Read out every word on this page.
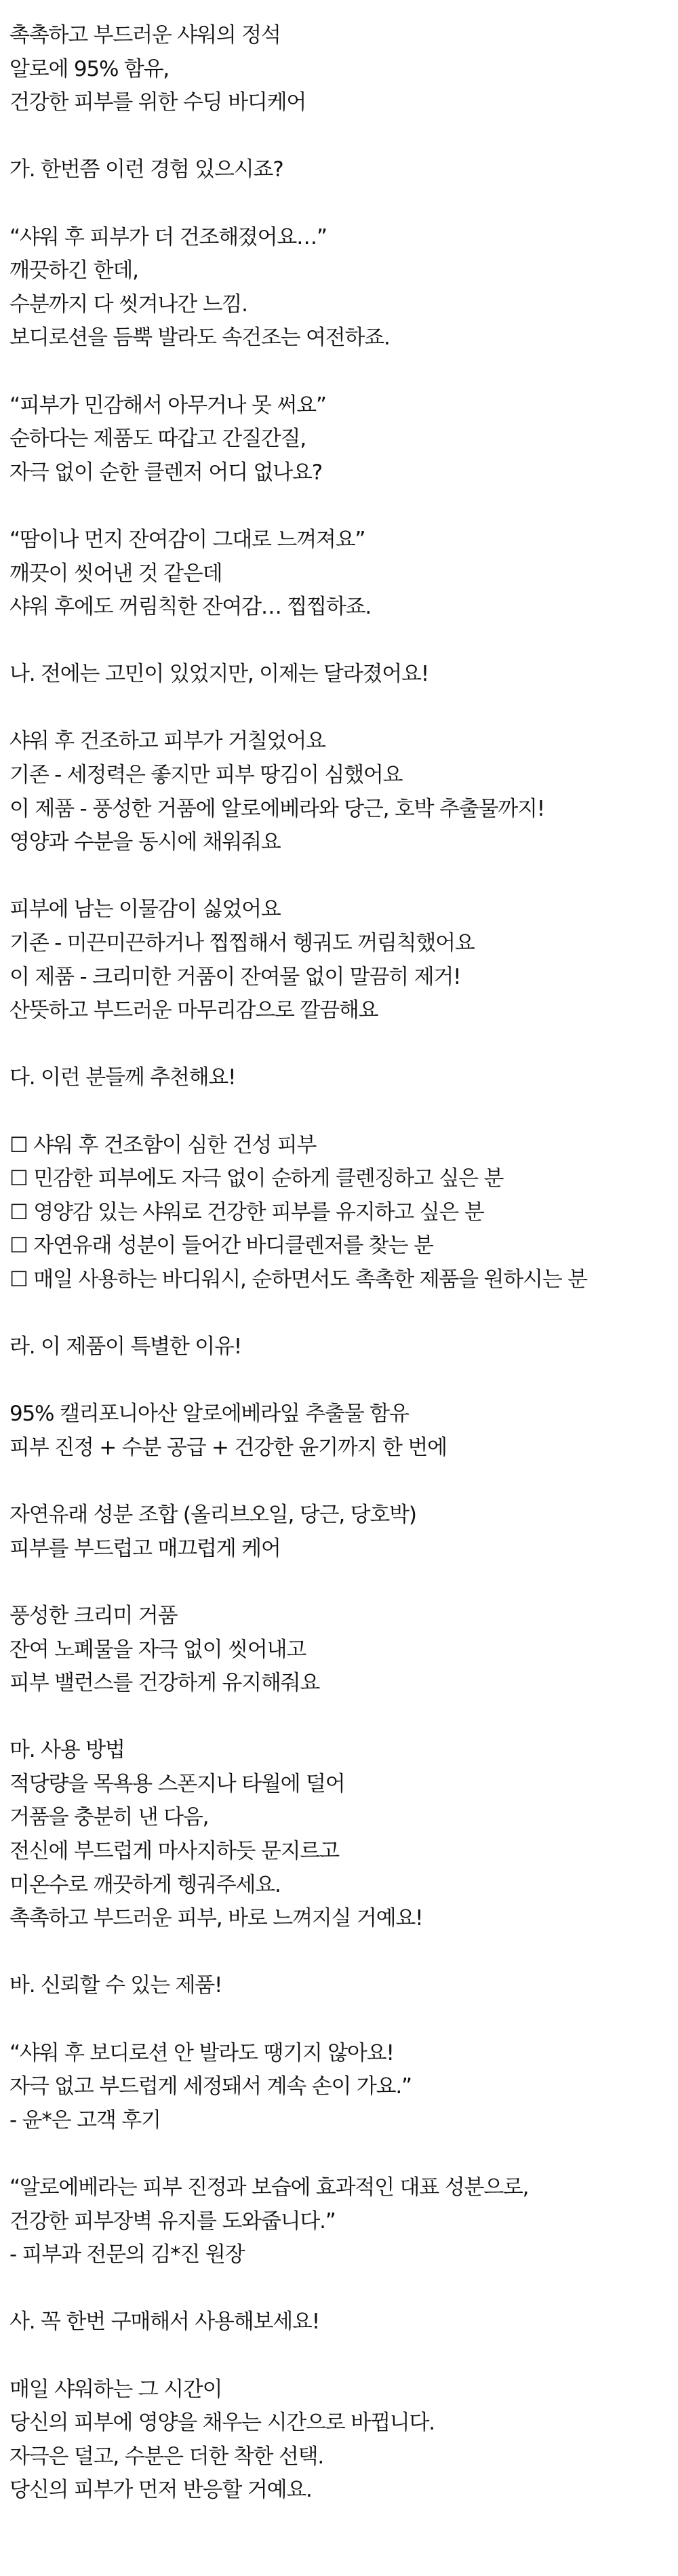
촉촉하고 부드러운 샤워의 정석
알로에 95% 함유,
건강한 피부를 위한 수딩 바디케어
가. 한번쯤 이런 경험 있으시죠?
“샤워 후 피부가 더 건조해졌어요…”
깨끗하긴 한데,
수분까지 다 씻겨나간 느낌.
보디로션을 듬뿍 발라도 속건조는 여전하죠.
“피부가 민감해서 아무거나 못 써요”
순하다는 제품도 따갑고 간질간질,
자극 없이 순한 클렌저 어디 없나요?
“땀이나 먼지 잔여감이 그대로 느껴져요”
깨끗이 씻어낸 것 같은데
샤워 후에도 꺼림칙한 잔여감… 찝찝하죠.
나. 전에는 고민이 있었지만, 이제는 달라졌어요!
샤워 후 건조하고 피부가 거칠었어요
기존 - 세정력은 좋지만 피부 땅김이 심했어요
이 제품 - 풍성한 거품에 알로에베라와 당근, 호박 추출물까지!
영양과 수분을 동시에 채워줘요
피부에 남는 이물감이 싫었어요
기존 - 미끈미끈하거나 찝찝해서 헹궈도 꺼림칙했어요
이 제품 - 크리미한 거품이 잔여물 없이 말끔히 제거!
산뜻하고 부드러운 마무리감으로 깔끔해요
다. 이런 분들께 추천해요!
☐ 샤워 후 건조함이 심한 건성 피부
☐ 민감한 피부에도 자극 없이 순하게 클렌징하고 싶은 분
☐ 영양감 있는 샤워로 건강한 피부를 유지하고 싶은 분
☐ 자연유래 성분이 들어간 바디클렌저를 찾는 분
☐ 매일 사용하는 바디워시, 순하면서도 촉촉한 제품을 원하시는 분
라. 이 제품이 특별한 이유!
95% 캘리포니아산 알로에베라잎 추출물 함유
피부 진정 + 수분 공급 + 건강한 윤기까지 한 번에
자연유래 성분 조합 (올리브오일, 당근, 당호박)
피부를 부드럽고 매끄럽게 케어
풍성한 크리미 거품
잔여 노폐물을 자극 없이 씻어내고
피부 밸런스를 건강하게 유지해줘요
마. 사용 방법
적당량을 목욕용 스폰지나 타월에 덜어
거품을 충분히 낸 다음,
전신에 부드럽게 마사지하듯 문지르고
미온수로 깨끗하게 헹궈주세요.
촉촉하고 부드러운 피부, 바로 느껴지실 거예요!
바. 신뢰할 수 있는 제품!
“샤워 후 보디로션 안 발라도 땡기지 않아요!
자극 없고 부드럽게 세정돼서 계속 손이 가요.”
- 윤*은 고객 후기
“알로에베라는 피부 진정과 보습에 효과적인 대표 성분으로,
건강한 피부장벽 유지를 도와줍니다.”
- 피부과 전문의 김*진 원장
사. 꼭 한번 구매해서 사용해보세요!
매일 샤워하는 그 시간이
당신의 피부에 영양을 채우는 시간으로 바뀝니다.
자극은 덜고, 수분은 더한 착한 선택.
당신의 피부가 먼저 반응할 거예요.
